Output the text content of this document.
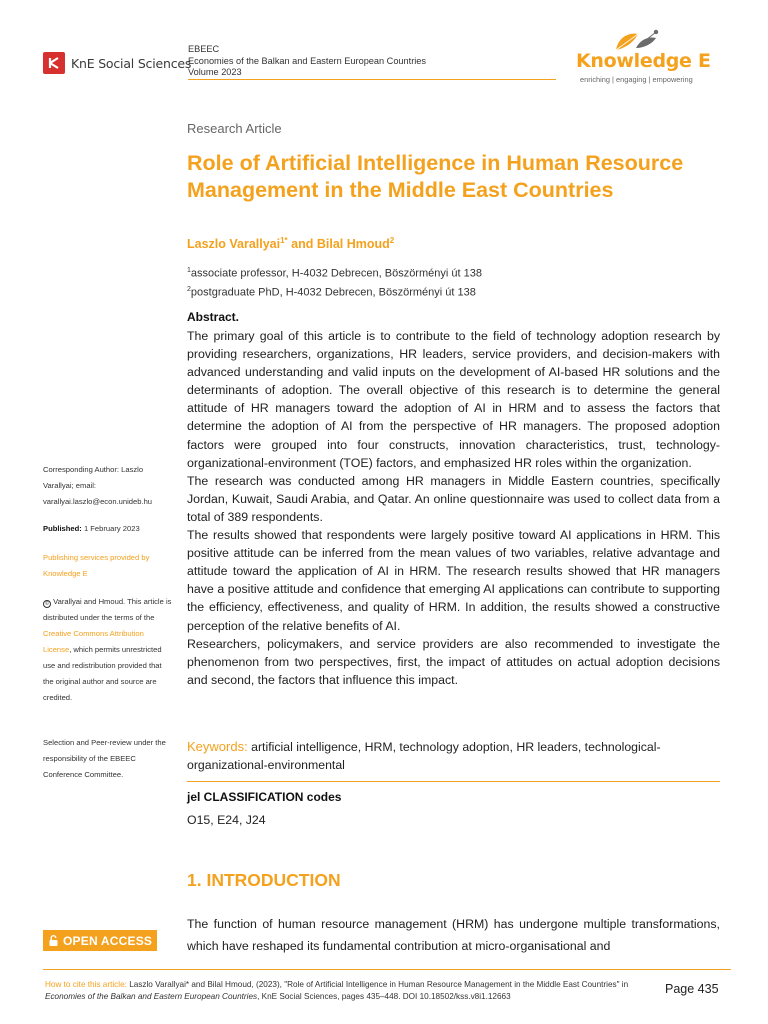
KnE Social Sciences
EBEEC
Economies of the Balkan and Eastern European Countries
Volume 2023	Knowledge E
enriching | engaging | empowering
Research Article
Role of Artificial Intelligence in Human Resource Management in the Middle East Countries
Laszlo Varallyai$^{1*}$ and Bilal Hmoud$^2$
$^1$associate professor, H-4032 Debrecen, Böszörményi út 138
$^2$postgraduate PhD, H-4032 Debrecen, Böszörményi út 138
Abstract.

The primary goal of this article is to contribute to the field of technology adoption research by providing researchers, organizations, HR leaders, service providers, and decision-makers with advanced understanding and valid inputs on the development of AI-based HR solutions and the determinants of adoption. The overall objective of this research is to determine the general attitude of HR managers toward the adoption of AI in HRM and to assess the factors that determine the adoption of AI from the perspective of HR managers. The proposed adoption factors were grouped into four constructs, innovation characteristics, trust, technology-organizational-environment (TOE) factors, and emphasized HR roles within the organization.

The research was conducted among HR managers in Middle Eastern countries, specifically Jordan, Kuwait, Saudi Arabia, and Qatar. An online questionnaire was used to collect data from a total of 389 respondents.

The results showed that respondents were largely positive toward AI applications in HRM. This positive attitude can be inferred from the mean values of two variables, relative advantage and attitude toward the application of AI in HRM. The research results showed that HR managers have a positive attitude and confidence that emerging AI applications can contribute to supporting the efficiency, effectiveness, and quality of HRM. In addition, the results showed a constructive perception of the relative benefits of AI.

Researchers, policymakers, and service providers are also recommended to investigate the phenomenon from two perspectives, first, the impact of attitudes on actual adoption decisions and second, the factors that influence this impact.

Keywords: artificial intelligence, HRM, technology adoption, HR leaders, technological-organizational-environmental
jel CLASSIFICATION codes
O15, E24, J24
1. INTRODUCTION
The function of human resource management (HRM) has undergone multiple transformations, which have reshaped its fundamental contribution at micro-organisational and
Corresponding Author: Laszlo Varallyai; email: varallyai.laszlo@econ.unideb.hu
Published: 1 February 2023
Publishing services provided by Knowledge E
© Varallyai and Hmoud. This article is distributed under the terms of the Creative Commons Attribution License, which permits unrestricted use and redistribution provided that the original author and source are credited.
Selection and Peer-review under the responsibility of the EBEEC Conference Committee.
OPEN ACCESS
How to cite this article: Laszlo Varallyai* and Bilal Hmoud, (2023), "Role of Artificial Intelligence in Human Resource Management in the Middle East Countries" in Economies of the Balkan and Eastern European Countries, KnE Social Sciences, pages 435–448. DOI 10.18502/kss.v8i1.12663	Page 435
